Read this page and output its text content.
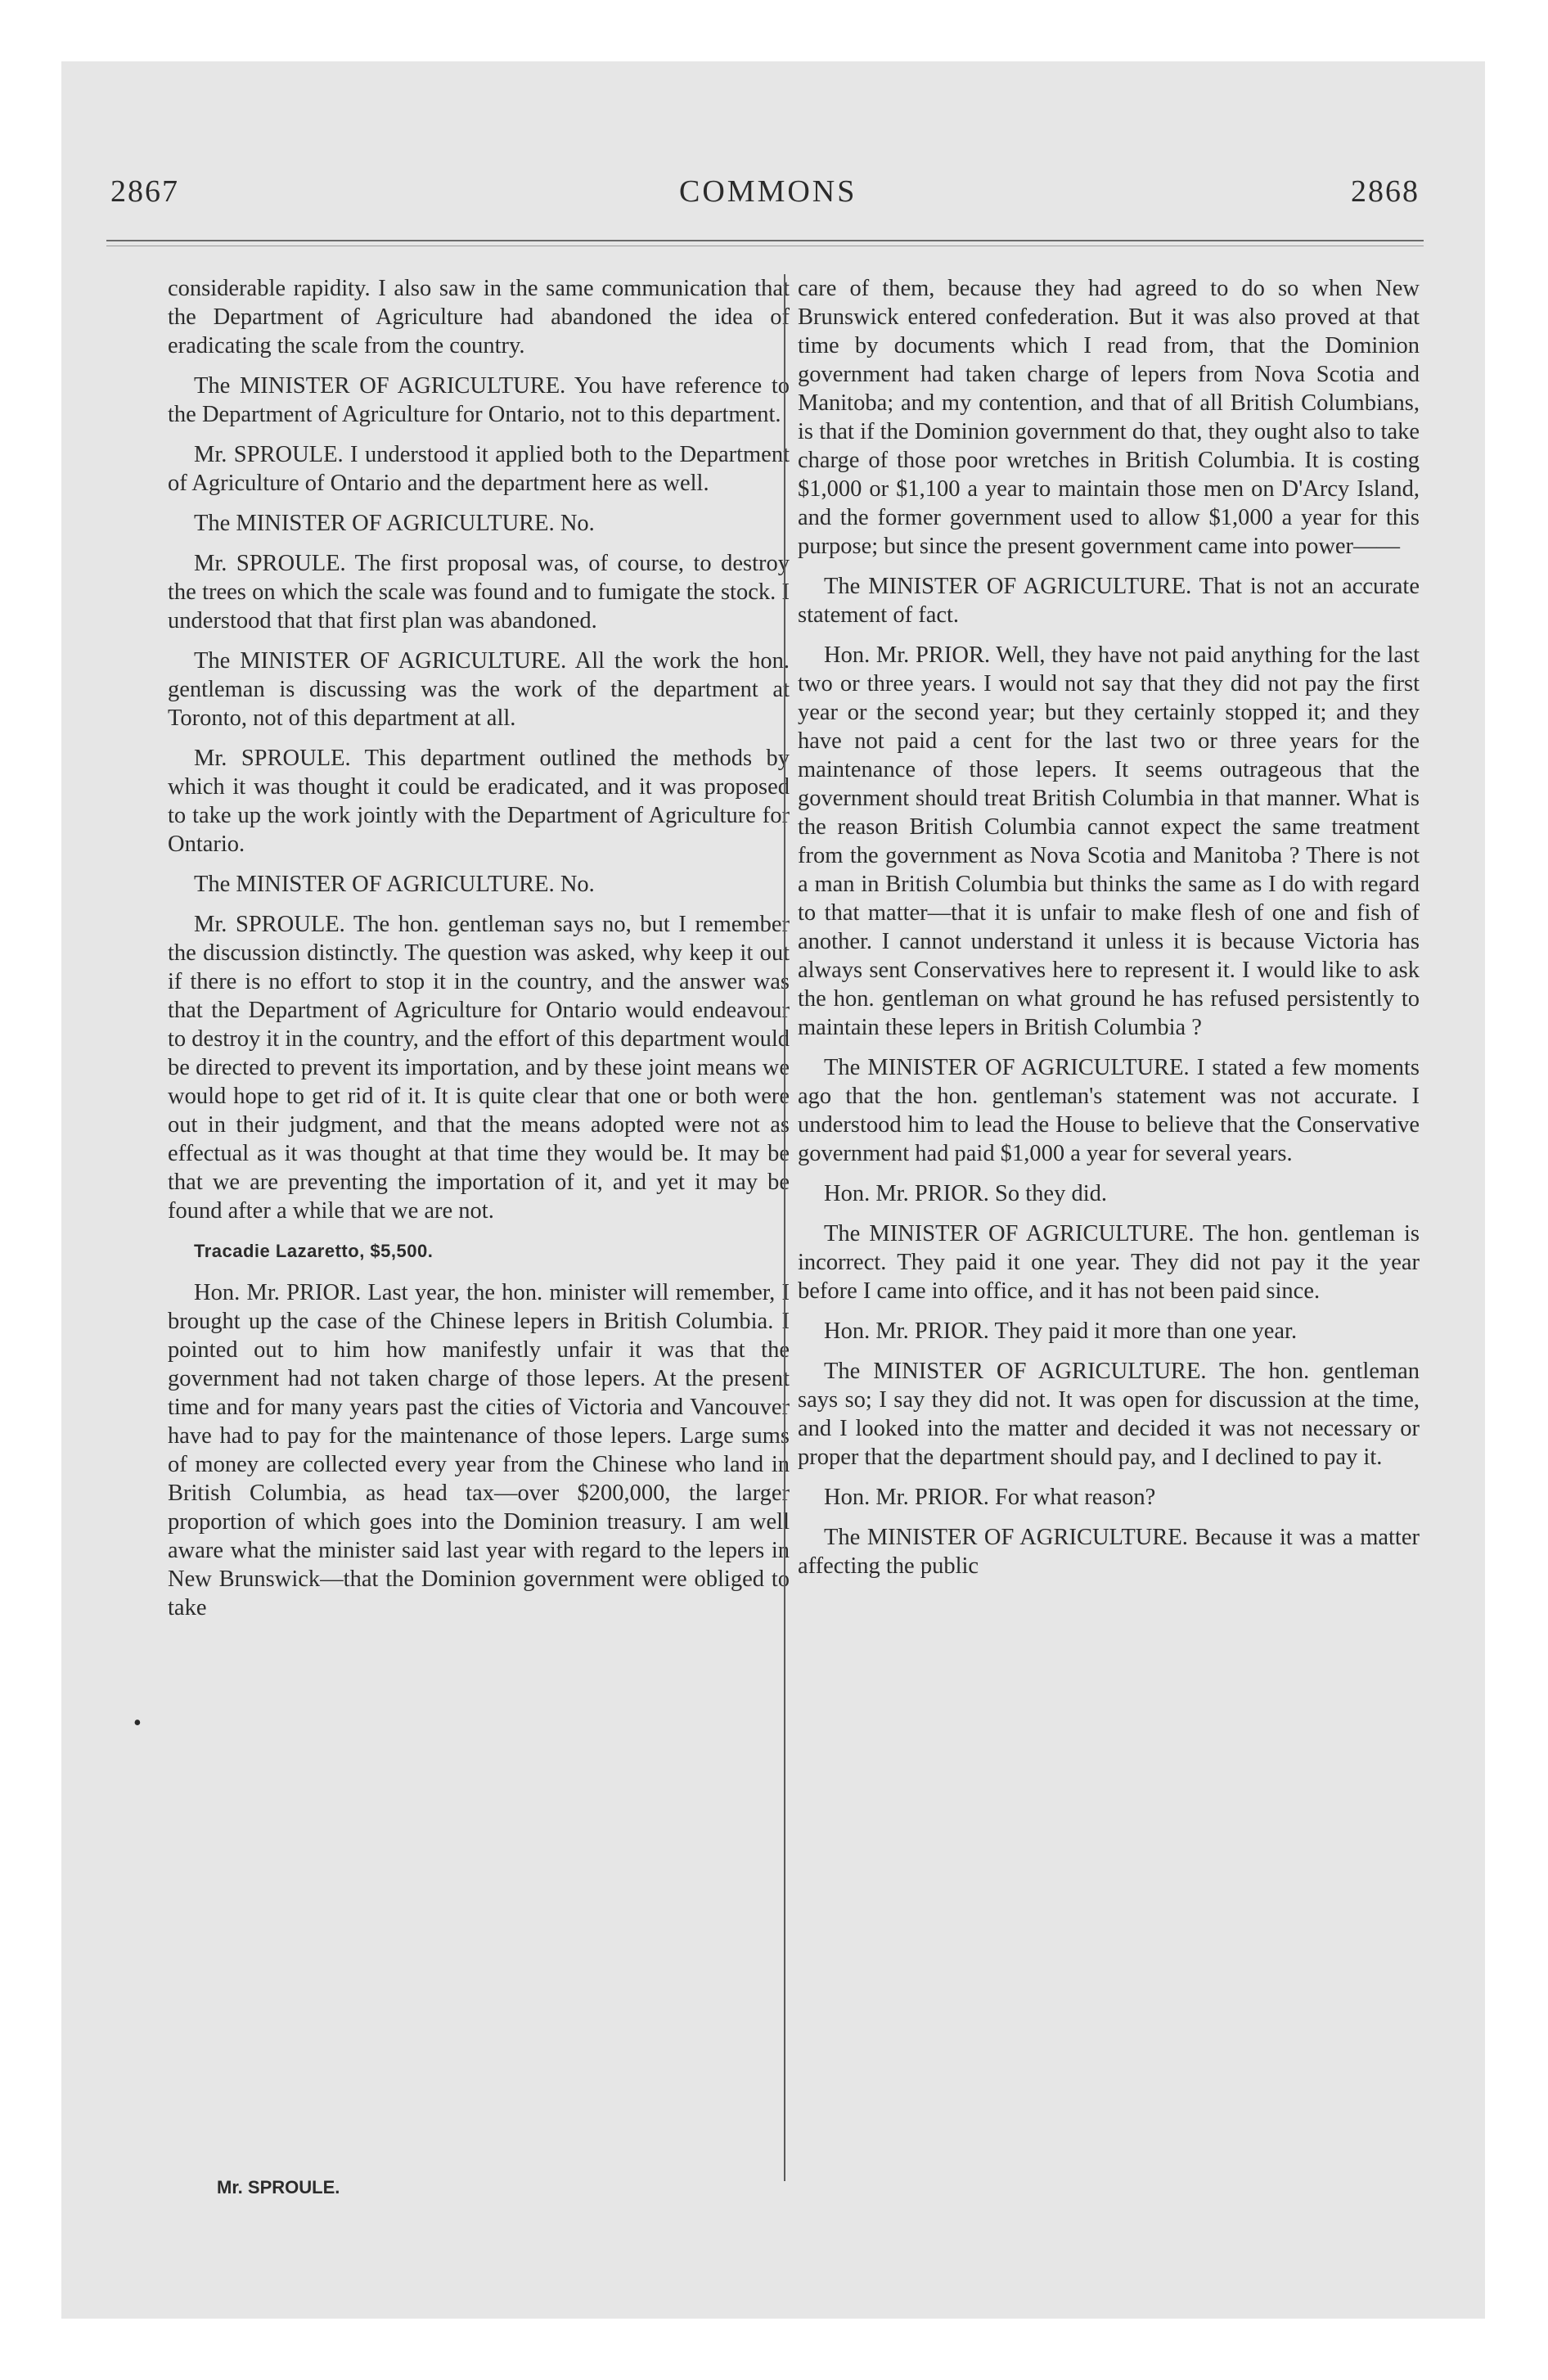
2867	COMMONS	2868

considerable rapidity. I also saw in the same communication that the Department of Agriculture had abandoned the idea of eradicating the scale from the country.

The MINISTER OF AGRICULTURE. You have reference to the Department of Agriculture for Ontario, not to this department.

Mr. SPROULE. I understood it applied both to the Department of Agriculture of Ontario and the department here as well.

The MINISTER OF AGRICULTURE. No.

Mr. SPROULE. The first proposal was, of course, to destroy the trees on which the scale was found and to fumigate the stock. I understood that that first plan was abandoned.

The MINISTER OF AGRICULTURE. All the work the hon. gentleman is discussing was the work of the department at Toronto, not of this department at all.

Mr. SPROULE. This department outlined the methods by which it was thought it could be eradicated, and it was proposed to take up the work jointly with the Department of Agriculture for Ontario.

The MINISTER OF AGRICULTURE. No.

Mr. SPROULE. The hon. gentleman says no, but I remember the discussion distinctly. The question was asked, why keep it out if there is no effort to stop it in the country, and the answer was that the Department of Agriculture for Ontario would endeavour to destroy it in the country, and the effort of this department would be directed to prevent its importation, and by these joint means we would hope to get rid of it. It is quite clear that one or both were out in their judgment, and that the means adopted were not as effectual as it was thought at that time they would be. It may be that we are preventing the importation of it, and yet it may be found after a while that we are not.

Tracadie Lazaretto, $5,500.

Hon. Mr. PRIOR. Last year, the hon. minister will remember, I brought up the case of the Chinese lepers in British Columbia. I pointed out to him how manifestly unfair it was that the government had not taken charge of those lepers. At the present time and for many years past the cities of Victoria and Vancouver have had to pay for the maintenance of those lepers. Large sums of money are collected every year from the Chinese who land in British Columbia, as head tax—over $200,000, the larger proportion of which goes into the Dominion treasury. I am well aware what the minister said last year with regard to the lepers in New Brunswick—that the Dominion government were obliged to take

care of them, because they had agreed to do so when New Brunswick entered confederation. But it was also proved at that time by documents which I read from, that the Dominion government had taken charge of lepers from Nova Scotia and Manitoba; and my contention, and that of all British Columbians, is that if the Dominion government do that, they ought also to take charge of those poor wretches in British Columbia. It is costing $1,000 or $1,100 a year to maintain those men on D'Arcy Island, and the former government used to allow $1,000 a year for this purpose; but since the present government came into power——

The MINISTER OF AGRICULTURE. That is not an accurate statement of fact.

Hon. Mr. PRIOR. Well, they have not paid anything for the last two or three years. I would not say that they did not pay the first year or the second year; but they certainly stopped it; and they have not paid a cent for the last two or three years for the maintenance of those lepers. It seems outrageous that the government should treat British Columbia in that manner. What is the reason British Columbia cannot expect the same treatment from the government as Nova Scotia and Manitoba ? There is not a man in British Columbia but thinks the same as I do with regard to that matter—that it is unfair to make flesh of one and fish of another. I cannot understand it unless it is because Victoria has always sent Conservatives here to represent it. I would like to ask the hon. gentleman on what ground he has refused persistently to maintain these lepers in British Columbia ?

The MINISTER OF AGRICULTURE. I stated a few moments ago that the hon. gentleman's statement was not accurate. I understood him to lead the House to believe that the Conservative government had paid $1,000 a year for several years.

Hon. Mr. PRIOR. So they did.

The MINISTER OF AGRICULTURE. The hon. gentleman is incorrect. They paid it one year. They did not pay it the year before I came into office, and it has not been paid since.

Hon. Mr. PRIOR. They paid it more than one year.

The MINISTER OF AGRICULTURE. The hon. gentleman says so; I say they did not. It was open for discussion at the time, and I looked into the matter and decided it was not necessary or proper that the department should pay, and I declined to pay it.

Hon. Mr. PRIOR. For what reason?

The MINISTER OF AGRICULTURE. Because it was a matter affecting the public

•
Mr. SPROULE.
